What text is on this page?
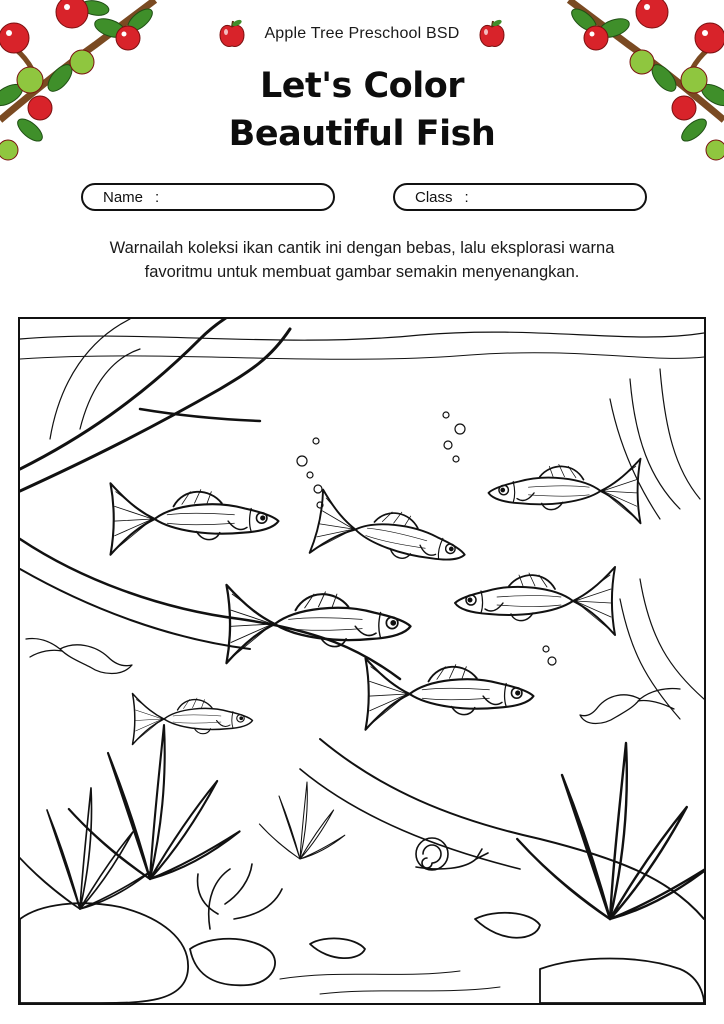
Apple Tree Preschool BSD
Let's Color
Beautiful Fish
Name :	Class :
Warnailah koleksi ikan cantik ini dengan bebas, lalu eksplorasi warna
favoritmu untuk membuat gambar semakin menyenangkan.
